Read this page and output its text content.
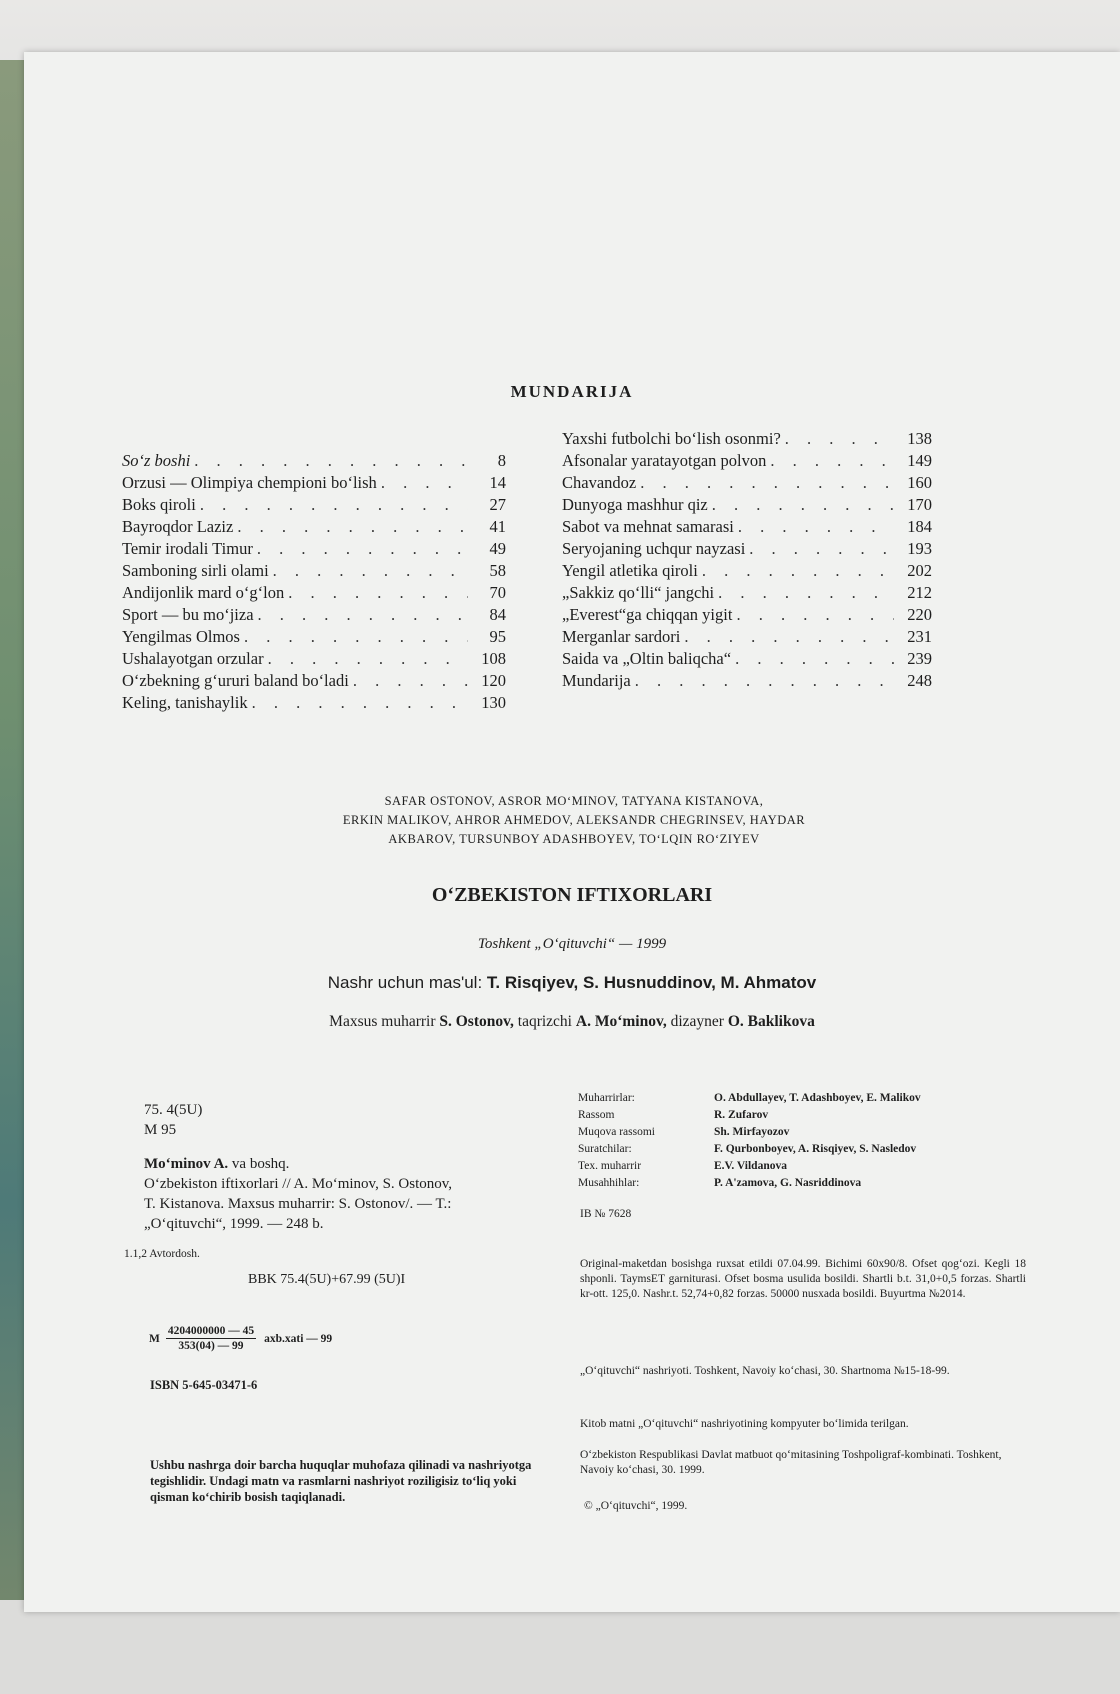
MUNDARIJA
So‘z boshi . . .	8
Orzusi — Olimpiya chempioni bo‘lish . . .	14
Boks qiroli . . .	27
Bayroqdor Laziz . . .	41
Temir irodali Timur . . .	49
Samboning sirli olami . . .	58
Andijonlik mard o‘g‘lon . . .	70
Sport — bu mo‘jiza . . .	84
Yengilmas Olmos . . .	95
Ushalayotgan orzular . . .	108
O‘zbekning g‘ururi baland bo‘ladi . . .	120
Keling, tanishaylik . . .	130
Yaxshi futbolchi bo‘lish osonmi? . . .	138
Afsonalar yaratayotgan polvon . . .	149
Chavandoz . . .	160
Dunyoga mashhur qiz . . .	170
Sabot va mehnat samarasi . . .	184
Seryojaning uchqur nayzasi . . .	193
Yengil atletika qiroli . . .	202
„Sakkiz qo‘lli“ jangchi . . .	212
„Everest“ga chiqqan yigit . . .	220
Merganlar sardori . . .	231
Saida va „Oltin baliqcha“ . . .	239
Mundarija . . .	248
SAFAR OSTONOV, ASROR MO‘MINOV, TATYANA KISTANOVA,
ERKIN MALIKOV, AHROR AHMEDOV, ALEKSANDR CHEGRINSEV, HAYDAR
AKBAROV, TURSUNBOY ADASHBOYEV, TO‘LQIN RO‘ZIYEV
O‘ZBEKISTON IFTIXORLARI
Toshkent „O‘qituvchi“ — 1999
Nashr uchun mas'ul: T. Risqiyev, S. Husnuddinov, M. Ahmatov
Maxsus muharrir S. Ostonov, taqrizchi A. Mo‘minov, dizayner O. Baklikova
75. 4(5U)
M 95
Mo‘minov A. va boshq.
O‘zbekiston iftixorlari // A. Mo‘minov, S. Ostonov,
T. Kistanova. Maxsus muharrir: S. Ostonov/. — T.:
„O‘qituvchi“, 1999. — 248 b.
1.1,2 Avtordosh.
BBK 75.4(5U)+67.99 (5U)I
M $\frac{4204000000 — 45}{353(04) — 99}$ axb.xati — 99
ISBN 5-645-03471-6
Ushbu nashrga doir barcha huquqlar muhofaza qilinadi va nashriyotga tegishlidir. Undagi matn va rasmlarni nashriyot roziligisiz to‘liq yoki qisman ko‘chirib bosish taqiqlanadi.
Muharrirlar:	O. Abdullayev, T. Adashboyev, E. Malikov
Rassom	R. Zufarov
Muqova rassomi	Sh. Mirfayozov
Suratchilar:	F. Qurbonboyev, A. Risqiyev, S. Nasledov
Tex. muharrir	E.V. Vildanova
Musahhihlar:	P. A'zamova, G. Nasriddinova
IB № 7628
Original-maketdan bosishga ruxsat etildi 07.04.99. Bichimi 60x90/8. Ofset qog‘ozi. Kegli 18 shponli. TaymsET garniturasi. Ofset bosma usulida bosildi. Shartli b.t. 31,0+0,5 forzas. Shartli kr-ott. 125,0. Nashr.t. 52,74+0,82 forzas. 50000 nusxada bosildi. Buyurtma №2014.
„O‘qituvchi“ nashriyoti. Toshkent, Navoiy ko‘chasi, 30. Shartnoma №15-18-99.
Kitob matni „O‘qituvchi“ nashriyotining kompyuter bo‘limida terilgan.
O‘zbekiston Respublikasi Davlat matbuot qo‘mitasining Toshpoligraf-kombinati. Toshkent, Navoiy ko‘chasi, 30. 1999.
© „O‘qituvchi“, 1999.
